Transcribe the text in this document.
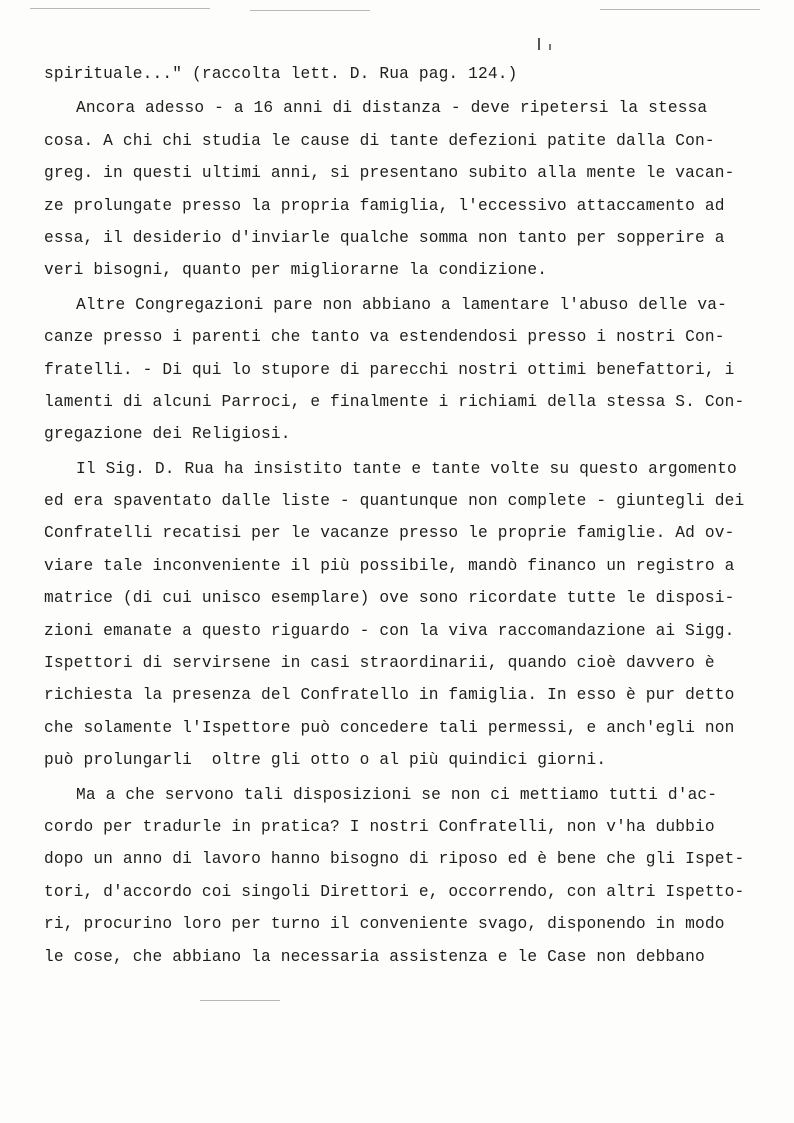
spirituale..." (raccolta lett. D. Rua pag. 124.)
Ancora adesso - a 16 anni di distanza - deve ripetersi la stessa
cosa. A chi chi studia le cause di tante defezioni patite dalla Con-
greg. in questi ultimi anni, si presentano subito alla mente le vacan-
ze prolungate presso la propria famiglia, l'eccessivo attaccamento ad
essa, il desiderio d'inviarle qualche somma non tanto per sopperire a
veri bisogni, quanto per migliorarne la condizione.
Altre Congregazioni pare non abbiano a lamentare l'abuso delle va-
canze presso i parenti che tanto va estendendosi presso i nostri Con-
fratelli. - Di qui lo stupore di parecchi nostri ottimi benefattori, i
lamenti di alcuni Parroci, e finalmente i richiami della stessa S. Con-
gregazione dei Religiosi.
Il Sig. D. Rua ha insistito tante e tante volte su questo argomento
ed era spaventato dalle liste - quantunque non complete - giuntegli dei
Confratelli recatisi per le vacanze presso le proprie famiglie. Ad ov-
viare tale inconveniente il più possibile, mandò financo un registro a
matrice (di cui unisco esemplare) ove sono ricordate tutte le disposi-
zioni emanate a questo riguardo - con la viva raccomandazione ai Sigg.
Ispettori di servirsene in casi straordinarii, quando cioè davvero è
richiesta la presenza del Confratello in famiglia. In esso è pur detto
che solamente l'Ispettore può concedere tali permessi, e anch'egli non
può prolungarli  oltre gli otto o al più quindici giorni.
Ma a che servono tali disposizioni se non ci mettiamo tutti d'ac-
cordo per tradurle in pratica? I nostri Confratelli, non v'ha dubbio
dopo un anno di lavoro hanno bisogno di riposo ed è bene che gli Ispet-
tori, d'accordo coi singoli Direttori e, occorrendo, con altri Ispetto-
ri, procurino loro per turno il conveniente svago, disponendo in modo
le cose, che abbiano la necessaria assistenza e le Case non debbano
